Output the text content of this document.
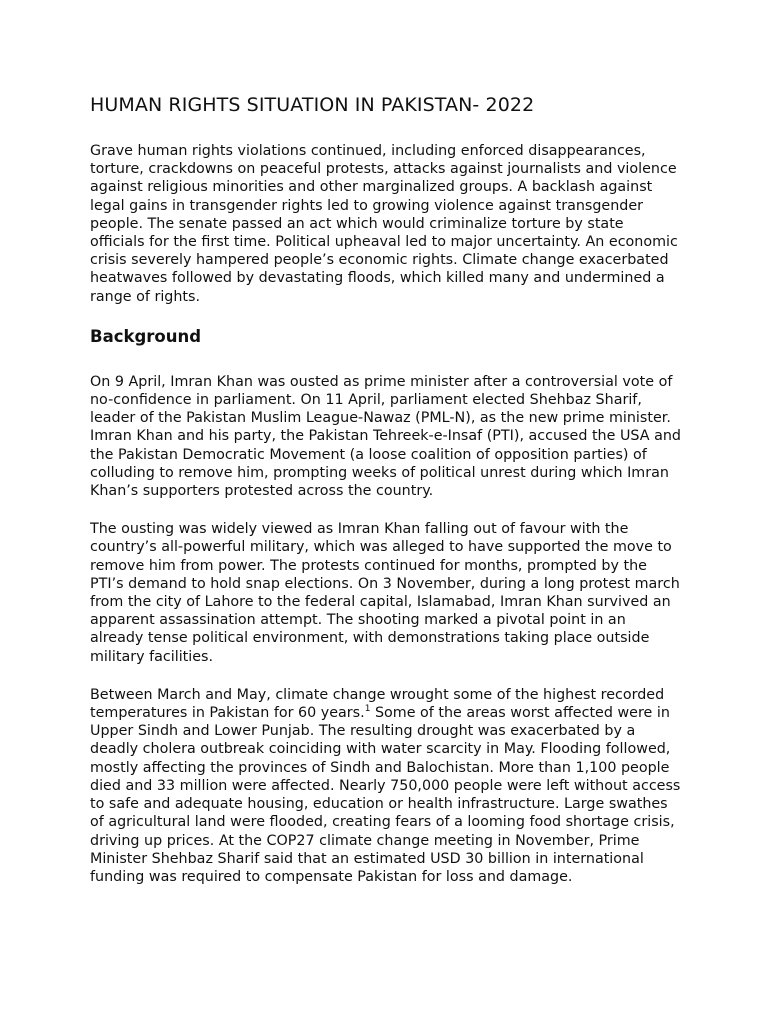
HUMAN RIGHTS SITUATION IN PAKISTAN- 2022

Grave human rights violations continued, including enforced disappearances, torture, crackdowns on peaceful protests, attacks against journalists and violence against religious minorities and other marginalized groups. A backlash against legal gains in transgender rights led to growing violence against transgender people. The senate passed an act which would criminalize torture by state officials for the first time. Political upheaval led to major uncertainty. An economic crisis severely hampered people’s economic rights. Climate change exacerbated heatwaves followed by devastating floods, which killed many and undermined a range of rights.

Background

On 9 April, Imran Khan was ousted as prime minister after a controversial vote of no-confidence in parliament. On 11 April, parliament elected Shehbaz Sharif, leader of the Pakistan Muslim League-Nawaz (PML-N), as the new prime minister. Imran Khan and his party, the Pakistan Tehreek-e-Insaf (PTI), accused the USA and the Pakistan Democratic Movement (a loose coalition of opposition parties) of colluding to remove him, prompting weeks of political unrest during which Imran Khan’s supporters protested across the country.

The ousting was widely viewed as Imran Khan falling out of favour with the country’s all-powerful military, which was alleged to have supported the move to remove him from power. The protests continued for months, prompted by the PTI’s demand to hold snap elections. On 3 November, during a long protest march from the city of Lahore to the federal capital, Islamabad, Imran Khan survived an apparent assassination attempt. The shooting marked a pivotal point in an already tense political environment, with demonstrations taking place outside military facilities.

Between March and May, climate change wrought some of the highest recorded temperatures in Pakistan for 60 years.$^1$ Some of the areas worst affected were in Upper Sindh and Lower Punjab. The resulting drought was exacerbated by a deadly cholera outbreak coinciding with water scarcity in May. Flooding followed, mostly affecting the provinces of Sindh and Balochistan. More than 1,100 people died and 33 million were affected. Nearly 750,000 people were left without access to safe and adequate housing, education or health infrastructure. Large swathes of agricultural land were flooded, creating fears of a looming food shortage crisis, driving up prices. At the COP27 climate change meeting in November, Prime Minister Shehbaz Sharif said that an estimated USD 30 billion in international funding was required to compensate Pakistan for loss and damage.
